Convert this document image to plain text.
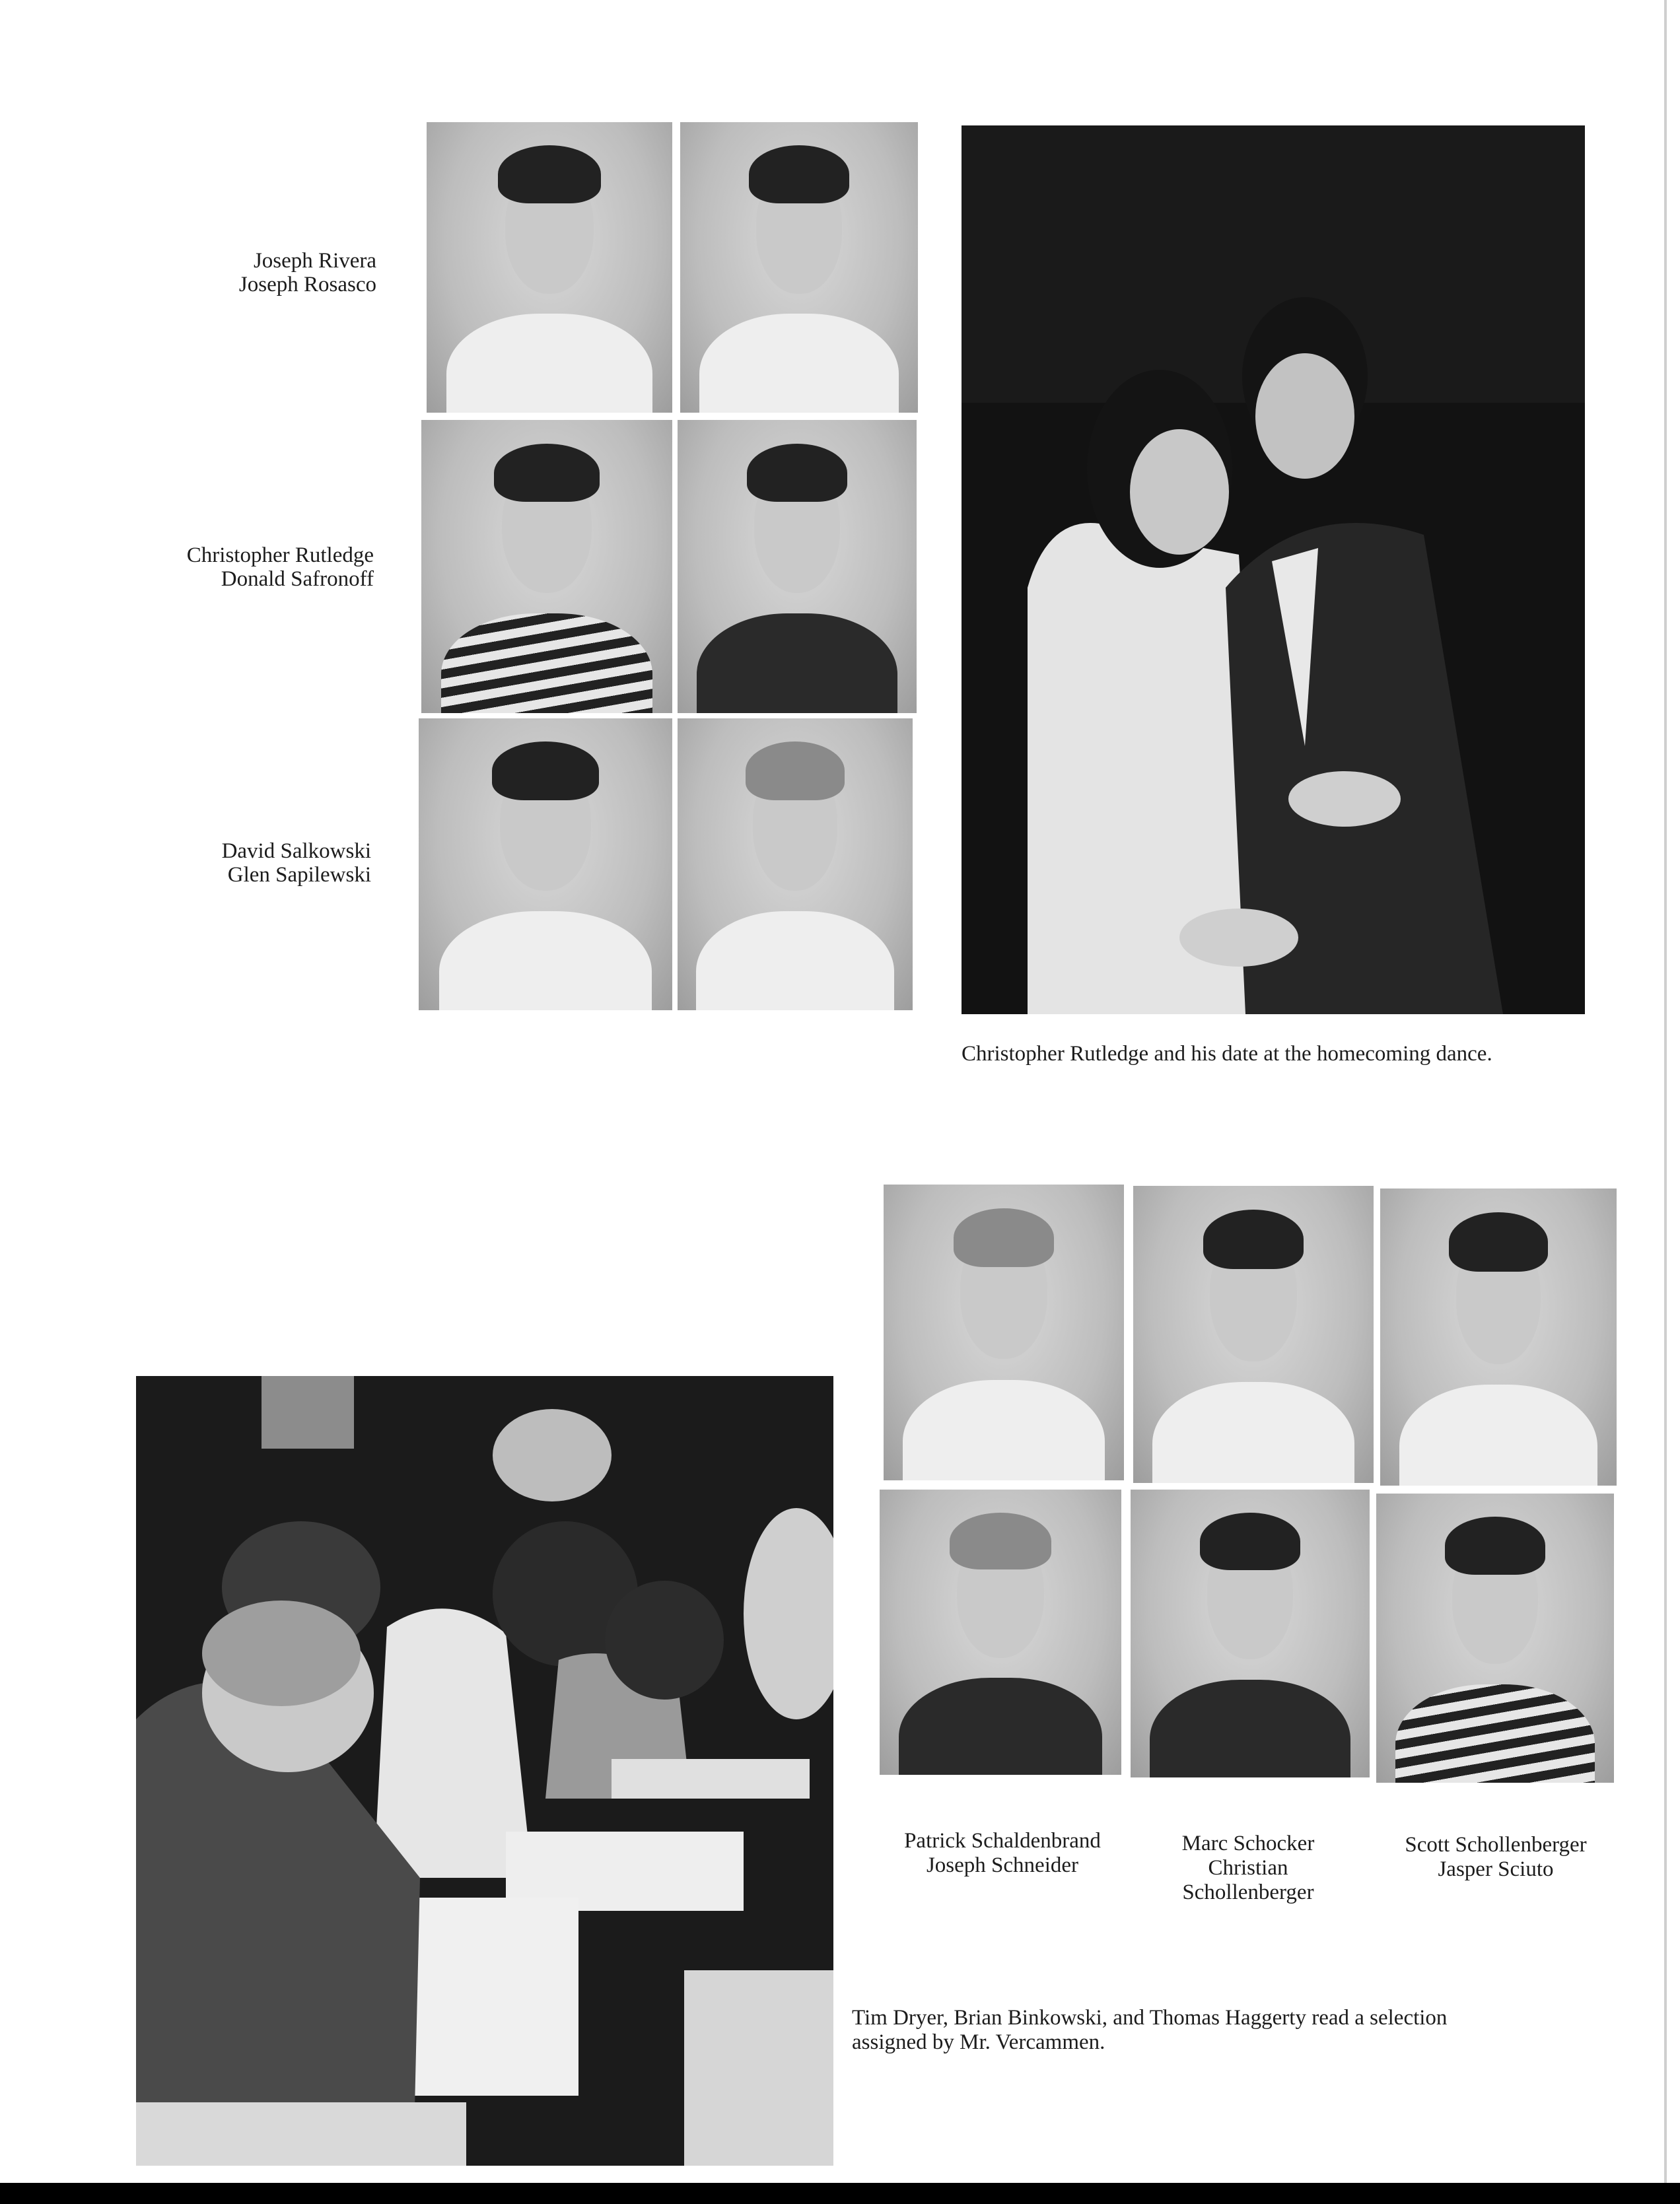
Joseph Rivera
Joseph Rosasco
Christopher Rutledge
Donald Safronoff
David Salkowski
Glen Sapilewski
Christopher Rutledge and his date at the homecoming dance.
Patrick Schaldenbrand
Joseph Schneider
Marc Schocker
Christian
Schollenberger
Scott Schollenberger
Jasper Sciuto
Tim Dryer, Brian Binkowski, and Thomas Haggerty read a selection
assigned by Mr. Vercammen.
